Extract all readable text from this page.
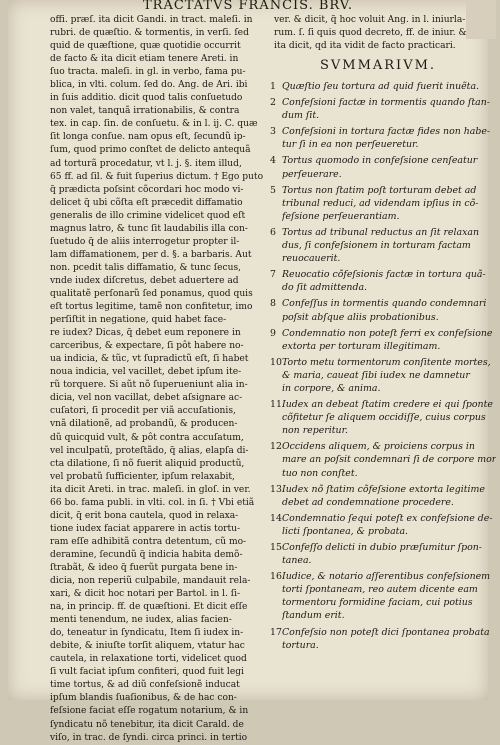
TRACTATVS FRANCIS. BRV.
offi. præſ. ita dicit Gandi. in tract. maleſi. in
rubri. de quæſtio. & tormentis, in verſi. ſed
quid de quæſtione, quæ quotidie occurrit
de facto & ita dicit etiam tenere Areti. in
ſuo tracta. maleſi. in gl. in verbo, fama pu-
blica, in vlti. colum. ſed do. Ang. de Ari. ibi
in ſuis additio. dicit quod talis conſuetudo
non valet, tanquã irrationabilis, & contra
tex. in cap. ſin. de conſuetu. & in l. ij. C. quæ
ſit longa conſue. nam opus eſt, ſecundũ ip-
ſum, quod primo conſtet de delicto antequã
ad torturã procedatur, vt l. j. §. item illud,
65 ff. ad ſil. & fuit ſuperius dictum. † Ego puto
q̃ prædicta poſsint cõcordari hoc modo vi-
delicet q̃ ubi cõſta eſt præcedit diffamatio
generalis de illo crimine videlicet quod eſt
magnus latro, & tunc ſit laudabilis illa con-
ſuetudo q̃ de aliis interrogetur propter il-
lam diffamationem, per d. §. a barbaris. Aut
non. pcedit talis diffamatio, & tunc ſecus,
vnde iudex diſcretus, debet aduertere ad
qualitatẽ perſonarũ ſed ponamus, quod quis
eſt tortus legitime, tamẽ non confitetur, imo
perſiſtit in negatione, quid habet face-
re iudex? Dicas, q̃ debet eum reponere in
carceribus, & expectare, ſi pôt habere no-
ua indicia, & tũc, vt ſupradictũ eſt, ſi habet
noua indicia, vel vacillet, debet ipſum ite-
rũ torquere. Si aũt nõ ſuperueniunt alia in-
dicia, vel non vacillat, debet aſsignare ac-
cuſatori, ſi procedit per viã accuſationis,
vnã dilationẽ, ad probandũ, & producen-
dũ quicquid vult, & pôt contra accuſatum,
vel inculpatũ, proteſtãdo, q̃ alias, elapſa di-
cta dilatione, ſi nõ fuerit aliquid productũ,
vel probatũ ſufficienter, ipſum relaxabit,
ita dicit Areti. in trac. maleſi. in gloſ. in ver.
66 bo. fama publi. in vlti. col. in ſi. † Vbi etiã
dicit, q̃ erit bona cautela, quod in relaxa-
tione iudex faciat apparere in actis tortu-
ram eſſe adhibitã contra detentum, cũ mo-
deramine, ſecundũ q̃ indicia habita demõ-
ſtrabãt, & ideo q̃ fuerũt purgata bene in-
dicia, non reperiũ culpabile, mandauit rela-
xari, & dicit hoc notari per Bartol. in l. ſi-
na, in princip. ff. de quæſtioni. Et dicit eſſe
menti tenendum, ne iudex, alias facien-
do, teneatur in ſyndicatu, Item ſi iudex in-
debite, & iniuſte torſit aliquem, vtatur hac
cautela, in relaxatione torti, videlicet quod
ſi vult faciat ipſum confiteri, quod fuit legi
time tortus, & ad diũ confeſsionẽ inducat
ipſum blandis ſuaſionibus, & de hac con-
feſsione faciat eſſe rogatum notarium, & in
ſyndicatu nõ tenebitur, ita dicit Carald. de
viſo, in trac. de ſyndi. circa princi. in tertio
ver. & dicit, q̃ hoc voluit Ang. in l. iniurla-
rum. ſ. ſi quis quod decreto, ff. de iniur. &
ita dicit, qd ita vidit de facto practicari.
SVMMARIVM.
1 Quæſtio ſeu tortura ad quid fuerit inuẽta.
2 Confeſsioni factæ in tormentis quando ſtan-
dum ſit.
3 Confeſsioni in tortura factæ fides non habe-
tur ſi in ea non perſeueretur.
4 Tortus quomodo in confeſsione cenſeatur
perſeuerare.
5 Tortus non ſtatim poſt torturam debet ad
tribunal reduci, ad videndam ipſius in cõ-
feſsione perſeuerantiam.
6 Tortus ad tribunal reductus an ſit relaxan
dus, ſi confeſsionem in torturam factam
reuocauerit.
7 Reuocatio cõfeſsionis factæ in tortura quã-
do ſit admittenda.
8 Confeſſus in tormentis quando condemnari
poſsit abſque aliis probationibus.
9 Condemnatio non poteſt ferri ex confeſsione
extorta per torturam illegitimam.
10 Torto metu tormentorum conſitente mortes,
& maria, caueat ſibi iudex ne damnetur
in corpore, & anima.
11 Iudex an debeat ſtatim credere ei qui ſponte
cõfitetur ſe aliquem occidiſſe, cuius corpus
non reperitur.
12 Occidens aliquem, & proiciens corpus in
mare an poſsit condemnari ſi de corpore mor
tuo non conſtet.
13 Iudex nõ ſtatim cõfeſsione extorta legitime
debet ad condemnatione procedere.
14 Condemnatio ſequi poteſt ex confeſsione de-
licti ſpontanea, & probata.
15 Confeſſo delicti in dubio præſumitur ſpon-
tanea.
16 Iudice, & notario aſſerentibus confeſsionem
torti ſpontaneam, reo autem dicente eam
tormentoru formidine faciam, cui potius
ſtandum erit.
17 Confeſsio non poteſt dici ſpontanea probata
tortura.
